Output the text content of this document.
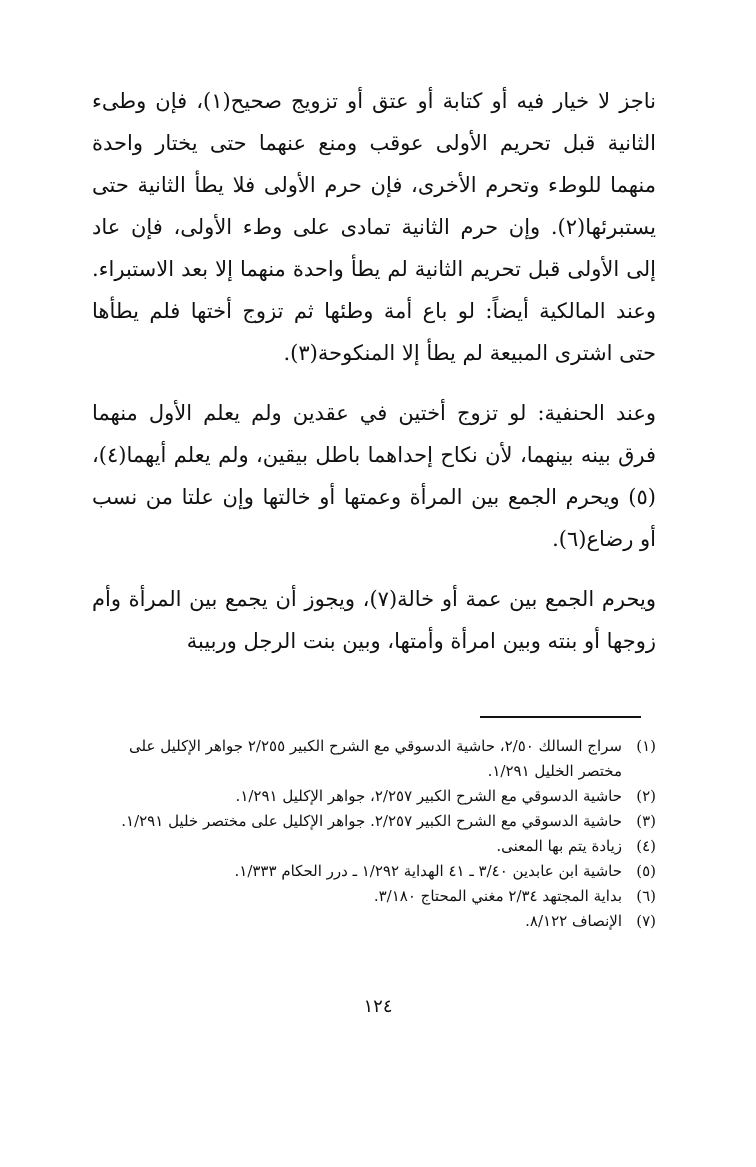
ناجز لا خيار فيه أو كتابة أو عتق أو تزويج صحيح(١)، فإن وطىء الثانية قبل تحريم الأولى عوقب ومنع عنهما حتى يختار واحدة منهما للوطء وتحرم الأخرى، فإن حرم الأولى فلا يطأ الثانية حتى يستبرئها(٢). وإن حرم الثانية تمادى على وطء الأولى، فإن عاد إلى الأولى قبل تحريم الثانية لم يطأ واحدة منهما إلا بعد الاستبراء. وعند المالكية أيضاً: لو باع أمة وطئها ثم تزوج أختها فلم يطأها حتى اشترى المبيعة لم يطأ إلا المنكوحة(٣).

وعند الحنفية: لو تزوج أختين في عقدين ولم يعلم الأول منهما فرق بينه بينهما، لأن نكاح إحداهما باطل بيقين، ولم يعلم أيهما(٤)،(٥) ويحرم الجمع بين المرأة وعمتها أو خالتها وإن علتا من نسب أو رضاع(٦).

ويحرم الجمع بين عمة أو خالة(٧)، ويجوز أن يجمع بين المرأة وأم زوجها أو بنته وبين امرأة وأمتها، وبين بنت الرجل وربيبة

(١)
سراج السالك ٢/٥٠، حاشية الدسوقي مع الشرح الكبير ٢/٢٥٥ جواهر الإكليل على مختصر الخليل ١/٢٩١.
(٢)
حاشية الدسوقي مع الشرح الكبير ٢/٢٥٧، جواهر الإكليل ١/٢٩١.
(٣)
حاشية الدسوقي مع الشرح الكبير ٢/٢٥٧. جواهر الإكليل على مختصر خليل ١/٢٩١.
(٤)
زيادة يتم بها المعنى.
(٥)
حاشية ابن عابدين ٣/٤٠ ـ ٤١ الهداية ١/٢٩٢ ـ درر الحكام ١/٣٣٣.
(٦)
بداية المجتهد ٢/٣٤ مغني المحتاج ٣/١٨٠.
(٧)
الإنصاف ٨/١٢٢.
١٢٤
